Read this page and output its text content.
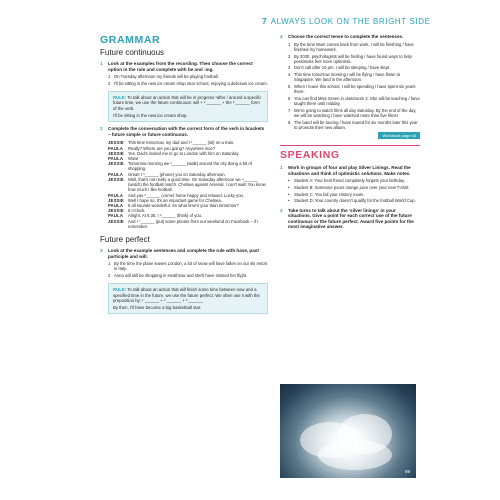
7 ALWAYS LOOK ON THE BRIGHT SIDE
GRAMMAR
Future continuous
1	Look at the examples from the recording. Then choose the correct option in the rule and complete with be and -ing.
1 On Tuesday afternoon my friends will be playing football.
2 I'll be sitting in the new ice cream shop near school, enjoying a delicious ice cream.
RULE: To talk about an action that will be in progress ¹after / around a specific future time, we use the future continuous: will + ² ______ + the ³ ______ form of the verb.
I'll be sitting in the new ice cream shop.
2	Complete the conversation with the correct form of the verb in brackets – future simple or future continuous.
JESSIE This time tomorrow, my dad and I ¹______ (sit) on a train.
PAULA	Really? Where are you going? Anywhere nice?
JESSIE Yes. Dad's invited me to go to London with him on Saturday.
PAULA	Wow!
JESSIE Tomorrow morning we ²______ (walk) around the city doing a bit of shopping.
PAULA	Great! I ³______ (phone) you on Saturday afternoon.
JESSIE Well, that's not really a good time. On Saturday afternoon we ⁴______ (watch) the football match. Chelsea against Arsenal. I can't wait! You know how much I like football.
PAULA	And you ⁵______ (come) home happy and relaxed. Lucky you.
JESSIE Well I hope so. It's an important game for Chelsea.
PAULA	It all sounds wonderful. So what time's your train tomorrow?
JESSIE 6 o'clock.
PAULA	Alright. At 6.30, I ⁶______ (think) of you.
JESSIE And I ⁷______ (put) some photos from our weekend on Facebook – if I remember.
Future perfect
3	Look at the example sentences and complete the rule with have, past participle and will.
1 By the time the plane leaves London, a lot of snow will have fallen on our ski resort in Italy.
2 Anna will still be shopping in Heathrow and she'll have missed her flight.
RULE: To talk about an action that will finish some time between now and a specified time in the future, we use the future perfect. We often use it with the preposition by: ¹ ______ + ² ______ + ³ ______
By then, I'll have become a big basketball star.
4	Choose the correct tense to complete the sentences.
1 By the time Mum comes back from work, I will be finishing / have finished my homework.
2 By 2030, psychologists will be finding / have found ways to help pessimists feel more optimistic.
3 Don't call after 10 pm. I will be sleeping / have slept.
4 This time tomorrow morning I will be flying / have flown to Singapore. We land in the afternoon.
5 When I leave this school, I will be spending / have spent six years there.
6 You can find Miss Green in classroom 3. She will be teaching / have taught there until midday.
7 We're going to watch films all day Saturday. By the end of the day, we will be watching / have watched more than five films!
8 The band will be touring / have toured for six months later this year to promote their new album.
Workbook page 65
SPEAKING
1	Work in groups of four and play Silver Linings. Read the situations and think of optimistic solutions. Make notes.
•	Student A: Your best friend completely forgets your birthday.
•	Student B: Someone pours orange juice over your new T-shirt.
•	Student C: You fail your History exam.
•	Student D: Your country doesn't qualify for the football World Cup.
2	Take turns to talk about the 'silver linings' in your situations. Give a point for each correct use of the future continuous or the future perfect. Award five points for the most imaginative answer.
69
